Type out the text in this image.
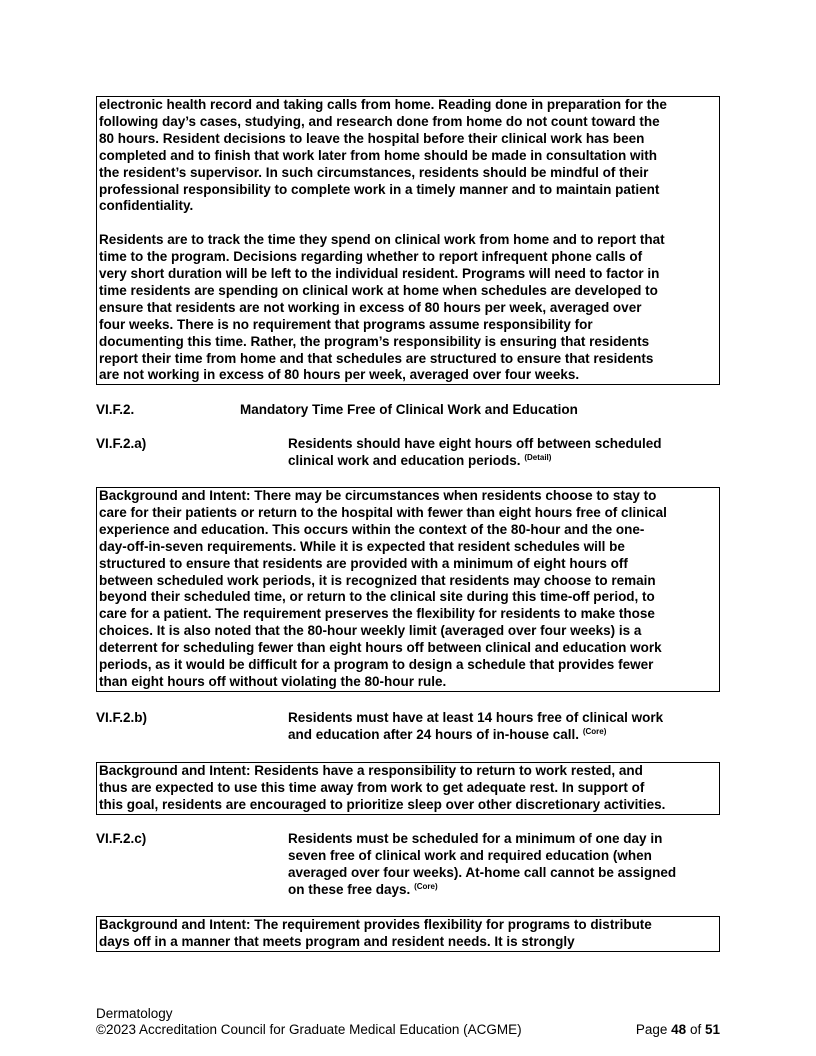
electronic health record and taking calls from home. Reading done in preparation for the
following day’s cases, studying, and research done from home do not count toward the
80 hours. Resident decisions to leave the hospital before their clinical work has been
completed and to finish that work later from home should be made in consultation with
the resident’s supervisor. In such circumstances, residents should be mindful of their
professional responsibility to complete work in a timely manner and to maintain patient
confidentiality.
Residents are to track the time they spend on clinical work from home and to report that
time to the program. Decisions regarding whether to report infrequent phone calls of
very short duration will be left to the individual resident. Programs will need to factor in
time residents are spending on clinical work at home when schedules are developed to
ensure that residents are not working in excess of 80 hours per week, averaged over
four weeks. There is no requirement that programs assume responsibility for
documenting this time. Rather, the program’s responsibility is ensuring that residents
report their time from home and that schedules are structured to ensure that residents
are not working in excess of 80 hours per week, averaged over four weeks.
VI.F.2.	Mandatory Time Free of Clinical Work and Education
VI.F.2.a)	Residents should have eight hours off between scheduled
clinical work and education periods. $^{(Detail)}$
Background and Intent: There may be circumstances when residents choose to stay to
care for their patients or return to the hospital with fewer than eight hours free of clinical
experience and education. This occurs within the context of the 80-hour and the one-
day-off-in-seven requirements. While it is expected that resident schedules will be
structured to ensure that residents are provided with a minimum of eight hours off
between scheduled work periods, it is recognized that residents may choose to remain
beyond their scheduled time, or return to the clinical site during this time-off period, to
care for a patient. The requirement preserves the flexibility for residents to make those
choices. It is also noted that the 80-hour weekly limit (averaged over four weeks) is a
deterrent for scheduling fewer than eight hours off between clinical and education work
periods, as it would be difficult for a program to design a schedule that provides fewer
than eight hours off without violating the 80-hour rule.
VI.F.2.b)	Residents must have at least 14 hours free of clinical work
and education after 24 hours of in-house call. $^{(Core)}$
Background and Intent: Residents have a responsibility to return to work rested, and
thus are expected to use this time away from work to get adequate rest. In support of
this goal, residents are encouraged to prioritize sleep over other discretionary activities.
VI.F.2.c)	Residents must be scheduled for a minimum of one day in
seven free of clinical work and required education (when
averaged over four weeks). At-home call cannot be assigned
on these free days. $^{(Core)}$
Background and Intent: The requirement provides flexibility for programs to distribute
days off in a manner that meets program and resident needs. It is strongly
Dermatology
©2023 Accreditation Council for Graduate Medical Education (ACGME)	Page 48 of 51
